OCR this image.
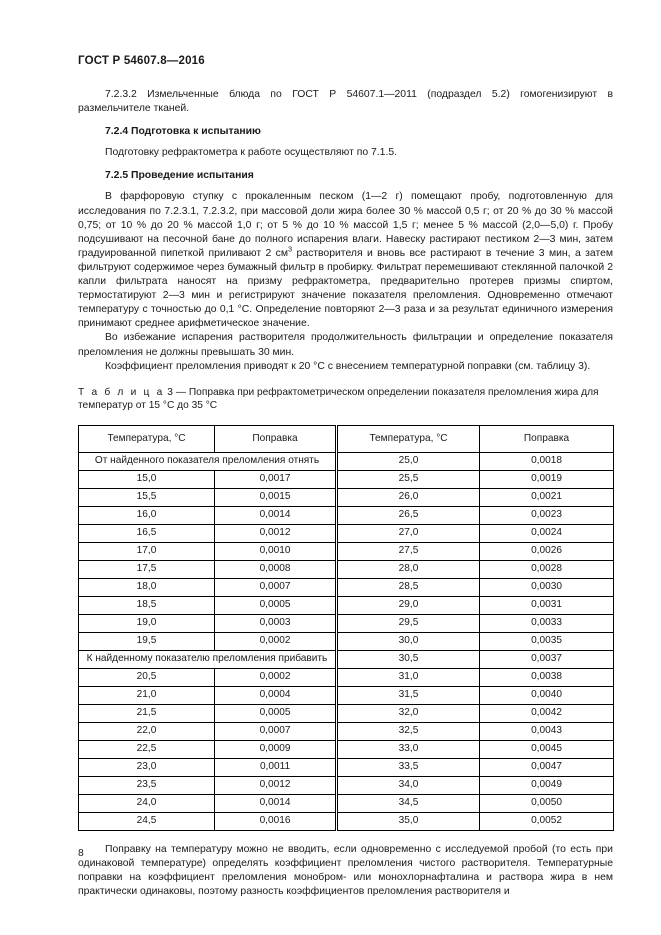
ГОСТ Р 54607.8—2016

7.2.3.2 Измельченные блюда по ГОСТ Р 54607.1—2011 (подраздел 5.2) гомогенизируют в размельчителе тканей.

7.2.4 Подготовка к испытанию

Подготовку рефрактометра к работе осуществляют по 7.1.5.

7.2.5 Проведение испытания

В фарфоровую ступку с прокаленным песком (1—2 г) помещают пробу, подготовленную для исследования по 7.2.3.1, 7.2.3.2, при массовой доли жира более 30 % массой 0,5 г; от 20 % до 30 % массой 0,75; от 10 % до 20 % массой 1,0 г; от 5 % до 10 % массой 1,5 г; менее 5 % массой (2,0—5,0) г. Пробу подсушивают на песочной бане до полного испарения влаги. Навеску растирают пестиком 2—3 мин, затем градуированной пипеткой приливают 2 $см^3$ растворителя и вновь все растирают в течение 3 мин, а затем фильтруют содержимое через бумажный фильтр в пробирку. Фильтрат перемешивают стеклянной палочкой 2 капли фильтрата наносят на призму рефрактометра, предварительно протерев призмы спиртом, термостатируют 2—3 мин и регистрируют значение показателя преломления. Одновременно отмечают температуру с точностью до 0,1 °C. Определение повторяют 2—3 раза и за результат единичного измерения принимают среднее арифметическое значение.

Во избежание испарения растворителя продолжительность фильтрации и определение показателя преломления не должны превышать 30 мин.

Коэффициент преломления приводят к 20 °C с внесением температурной поправки (см. таблицу 3).

Т а б л и ц а 3 — Поправка при рефрактометрическом определении показателя преломления жира для температур от 15 °C до 35 °C

Температура, °C	Поправка	Температура, °C	Поправка
От найденного показателя преломления отнять		25,0	0,0018
15,0	0,0017	25,5	0,0019
15,5	0,0015	26,0	0,0021
16,0	0,0014	26,5	0,0023
16,5	0,0012	27,0	0,0024
17,0	0,0010	27,5	0,0026
17,5	0,0008	28,0	0,0028
18,0	0,0007	28,5	0,0030
18,5	0,0005	29,0	0,0031
19,0	0,0003	29,5	0,0033
19,5	0,0002	30,0	0,0035
К найденному показателю преломления прибавить		30,5	0,0037
20,5	0,0002	31,0	0,0038
21,0	0,0004	31,5	0,0040
21,5	0,0005	32,0	0,0042
22,0	0,0007	32,5	0,0043
22,5	0,0009	33,0	0,0045
23,0	0,0011	33,5	0,0047
23,5	0,0012	34,0	0,0049
24,0	0,0014	34,5	0,0050
24,5	0,0016	35,0	0,0052

Поправку на температуру можно не вводить, если одновременно с исследуемой пробой (то есть при одинаковой температуре) определять коэффициент преломления чистого растворителя. Температурные поправки на коэффициент преломления монобром- или монохлорнафталина и раствора жира в нем практически одинаковы, поэтому разность коэффициентов преломления растворителя и

8
